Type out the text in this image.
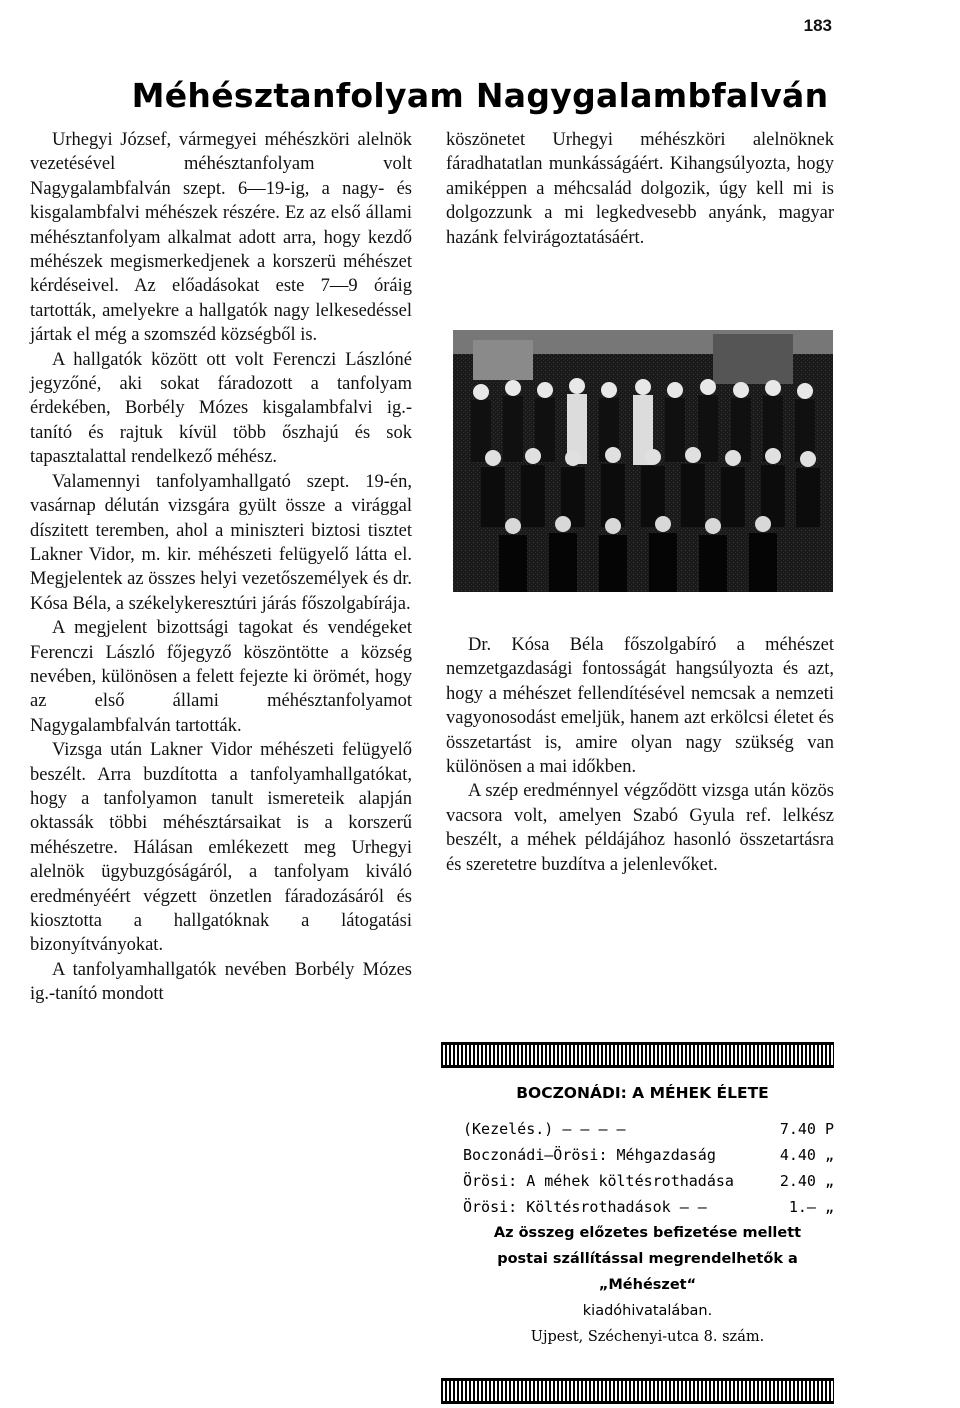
183
Méhésztanfolyam Nagygalambfalván

Urhegyi József, vármegyei méhészköri alelnök vezetésével méhésztanfolyam volt Nagygalambfalván szept. 6—19-ig, a nagy- és kisgalambfalvi méhészek részére. Ez az első állami méhésztanfolyam alkalmat adott arra, hogy kezdő méhészek megismerkedjenek a korszerü méhészet kérdéseivel. Az előadásokat este 7—9 óráig tartották, amelyekre a hallgatók nagy lelkesedéssel jártak el még a szomszéd községből is.

A hallgatók között ott volt Ferenczi Lászlóné jegyzőné, aki sokat fáradozott a tanfolyam érdekében, Borbély Mózes kisgalambfalvi ig.-tanító és rajtuk kívül több őszhajú és sok tapasztalattal rendelkező méhész.

Valamennyi tanfolyamhallgató szept. 19-én, vasárnap délután vizsgára gyült össze a virággal díszitett teremben, ahol a miniszteri biztosi tisztet Lakner Vidor, m. kir. méhészeti felügyelő látta el. Megjelentek az összes helyi vezetőszemélyek és dr. Kósa Béla, a székelykeresztúri járás főszolgabírája.

A megjelent bizottsági tagokat és vendégeket Ferenczi László főjegyző köszöntötte a község nevében, különösen a felett fejezte ki örömét, hogy az első állami méhésztanfolyamot Nagygalambfalván tartották.

Vizsga után Lakner Vidor méhészeti felügyelő beszélt. Arra buzdította a tanfolyamhallgatókat, hogy a tanfolyamon tanult ismereteik alapján oktassák többi méhésztársaikat is a korszerű méhészetre. Hálásan emlékezett meg Urhegyi alelnök ügybuzgóságáról, a tanfolyam kiváló eredményéért végzett önzetlen fáradozásáról és kiosztotta a hallgatóknak a látogatási bizonyítványokat.

A tanfolyamhallgatók nevében Borbély Mózes ig.-tanító mondott

köszönetet Urhegyi méhészköri alelnöknek fáradhatatlan munkásságáért. Kihangsúlyozta, hogy amiképpen a méhcsalád dolgozik, úgy kell mi is dolgozzunk a mi legkedvesebb anyánk, magyar hazánk felvirágoztatásáért.

Dr. Kósa Béla főszolgabíró a méhészet nemzetgazdasági fontosságát hangsúlyozta és azt, hogy a méhészet fellendítésével nemcsak a nemzeti vagyonosodást emeljük, hanem azt erkölcsi életet és összetartást is, amire olyan nagy szükség van különösen a mai időkben.

A szép eredménnyel végződött vizsga után közös vacsora volt, amelyen Szabó Gyula ref. lelkész beszélt, a méhek példájához hasonló összetartásra és szeretetre buzdítva a jelenlevőket.

BOCZONÁDI: A MÉHEK ÉLETE
(Kezelés.) — — — —	7.40 P
Boczonádi—Örösi: Méhgazdaság	4.40 „
Örösi: A méhek költésrothadása	2.40 „
Örösi: Költésrothadások — —	1.— „
Az összeg előzetes befizetése mellett
postai szállítással megrendelhetők a
„Méhészet“
kiadóhivatalában.
Ujpest, Széchenyi-utca 8. szám.
